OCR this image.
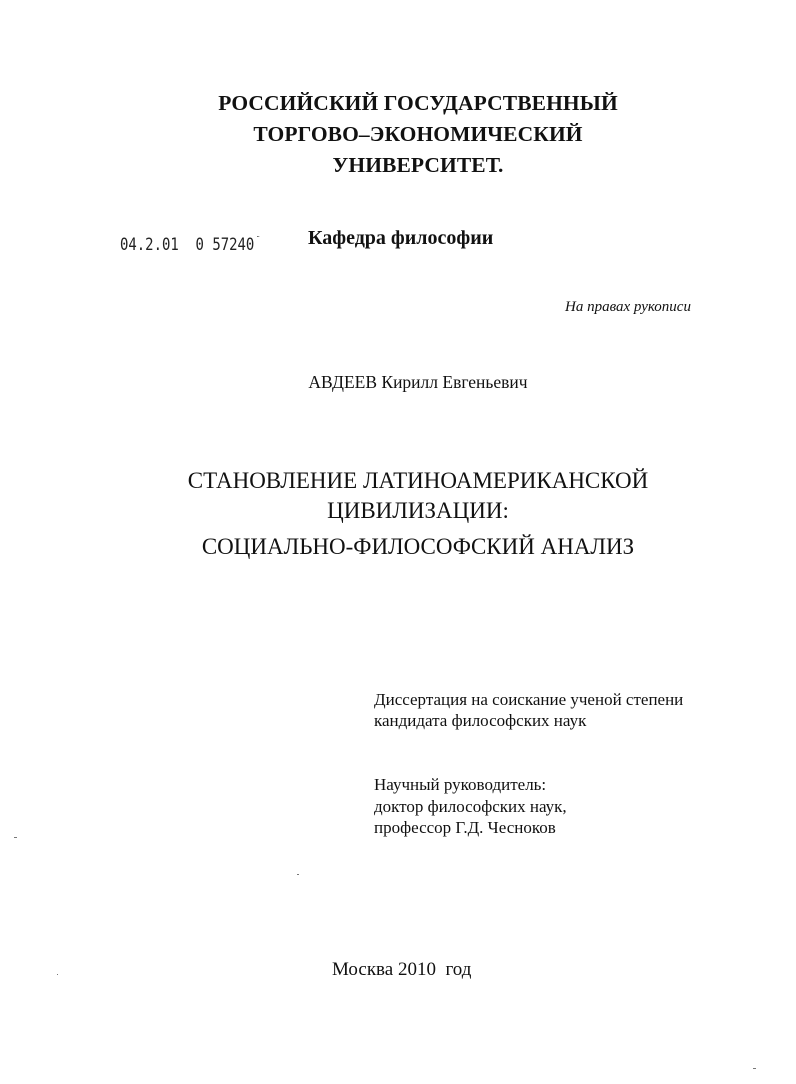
РОССИЙСКИЙ ГОСУДАРСТВЕННЫЙ
ТОРГОВО–ЭКОНОМИЧЕСКИЙ
УНИВЕРСИТЕТ.
04.2.01  0 57240 ¨ Кафедра философии
На правах рукописи
АВДЕЕВ Кирилл Евгеньевич
СТАНОВЛЕНИЕ ЛАТИНОАМЕРИКАНСКОЙ
ЦИВИЛИЗАЦИИ:
СОЦИАЛЬНО-ФИЛОСОФСКИЙ АНАЛИЗ
Диссертация на соискание ученой степени
кандидата философских наук
Научный руководитель:
доктор философских наук,
профессор Г.Д. Чесноков
Москва 2010  год
